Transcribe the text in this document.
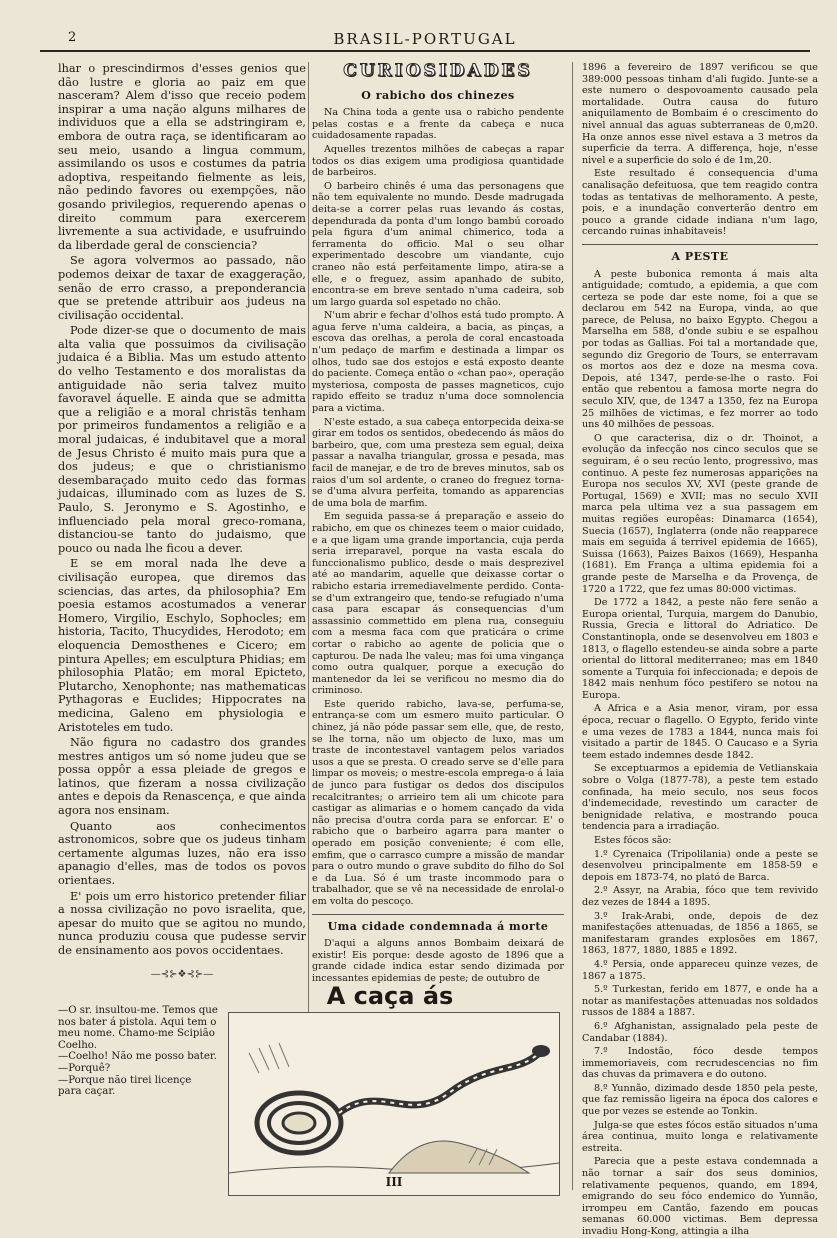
2	BRASIL-PORTUGAL

lhar o prescindirmos d'esses genios que dão lustre e gloria ao paiz em que nasceram? Alem d'isso que receio podem inspirar a uma nação alguns milhares de individuos que a ella se adstringiram e, embora de outra raça, se identificaram ao seu meio, usando a lingua commum, assimilando os usos e costumes da patria adoptiva, respeitando fielmente as leis, não pedindo favores ou exempções, não gosando privilegios, requerendo apenas o direito commum para exercerem livremente a sua actividade, e usufruindo da liberdade geral de consciencia?

Se agora volvermos ao passado, não podemos deixar de taxar de exaggeração, senão de erro crasso, a preponderancia que se pretende attribuir aos judeus na civilisação occidental.

Pode dizer-se que o documento de mais alta valia que possuimos da civilisação judaica é a Biblia. Mas um estudo attento do velho Testamento e dos moralistas da antiguidade não seria talvez muito favoravel áquelle. E ainda que se admitta que a religião e a moral christãs tenham por primeiros fundamentos a religião e a moral judaicas, é indubitavel que a moral de Jesus Christo é muito mais pura que a dos judeus; e que o christianismo desembaraçado muito cedo das formas judaicas, illuminado com as luzes de S. Paulo, S. Jeronymo e S. Agostinho, e influenciado pela moral greco-romana, distanciou-se tanto do judaismo, que pouco ou nada lhe ficou a dever.

E se em moral nada lhe deve a civilisação europea, que diremos das sciencias, das artes, da philosophia? Em poesia estamos acostumados a venerar Homero, Virgilio, Eschylo, Sophocles; em historia, Tacito, Thucydides, Herodoto; em eloquencia Demosthenes e Cicero; em pintura Apelles; em esculptura Phidias; em philosophia Platão; em moral Epicteto, Plutarcho, Xenophonte; nas mathematicas Pythagoras e Euclides; Hippocrates na medicina, Galeno em physiologia e Aristoteles em tudo.

Não figura no cadastro dos grandes mestres antigos um só nome judeu que se possa oppôr a essa pleiade de gregos e latinos, que fizeram a nossa civilização antes e depois da Renascença, e que ainda agora nos ensinam.

Quanto aos conhecimentos astronomicos, sobre que os judeus tinham certamente algumas luzes, não era isso apanagio d'elles, mas de todos os povos orientaes.

E' pois um erro historico pretender filiar a nossa civilização no povo israelita, que, apesar do muito que se agitou no mundo, nunca produziu cousa que pudesse servir de ensinamento aos povos occidentaes.

—⊰⊱❖⊰⊱—
CURIOSIDADES
O rabicho dos chinezes

Na China toda a gente usa o rabicho pendente pelas costas e a frente da cabeça e nuca cuidadosamente rapadas.

Aquelles trezentos milhões de cabeças a rapar todos os dias exigem uma prodigiosa quantidade de barbeiros.

O barbeiro chinês é uma das personagens que não tem equivalente no mundo. Desde madrugada deita-se a correr pelas ruas levando ás costas, dependurada da ponta d'um longo bambú coroado pela figura d'um animal chimerico, toda a ferramenta do officio. Mal o seu olhar experimentado descobre um viandante, cujo craneo não está perfeitamente limpo, atira-se a elle, e o freguez, assim apanhado de subito, encontra-se em breve sentado n'uma cadeira, sob um largo guarda sol espetado no chão.

N'um abrir e fechar d'olhos está tudo prompto. A agua ferve n'uma caldeira, a bacia, as pinças, a escova das orelhas, a perola de coral encastoada n'um pedaço de marfim e destinada a limpar os olhos, tudo sae dos estojos e está exposto deante do paciente. Começa então o «chan pao», operação mysteriosa, composta de passes magneticos, cujo rapido effeito se traduz n'uma doce somnolencia para a victima.

N'este estado, a sua cabeça entorpecida deixa-se girar em todos os sentidos, obedecendo ás mãos do barbeiro, que, com uma presteza sem egual, deixa passar a navalha triangular, grossa e pesada, mas facil de manejar, e de tro de breves minutos, sab os raios d'um sol ardente, o craneo do freguez torna-se d'uma alvura perfeita, tomando as apparencias de uma bola de marfim.

Em seguida passa-se á preparação e asseio do rabicho, em que os chinezes teem o maior cuidado, e a que ligam uma grande importancia, cuja perda seria irreparavel, porque na vasta escala do funccionalismo publico, desde o mais desprezivel até ao mandarim, aquelle que deixasse cortar o rabicho estaria irremediavelmente perdido. Conta-se d'um extrangeiro que, tendo-se refugiado n'uma casa para escapar ás consequencias d'um assassinio commettido em plena rua, conseguiu com a mesma faca com que praticára o crime cortar o rabicho ao agente de policia que o capturou. De nada lhe valeu; mas foi uma vingança como outra qualquer, porque a execução do mantenedor da lei se verificou no mesmo dia do criminoso.

Este querido rabicho, lava-se, perfuma-se, entrança-se com um esmero muito particular. O chinez, já não póde passar sem elle, que, de resto, se lhe torna, não um objecto de luxo, mas um traste de incontestavel vantagem pelos variados usos a que se presta. O creado serve se d'elle para limpar os moveis; o mestre-escola emprega-o á laia de junco para fustigar os dedos dos discipulos recalcitrantes; o arrieiro tem ali um chicote para castigar as alimarias e o homem cançado da vida não precisa d'outra corda para se enforcar. E' o rabicho que o barbeiro agarra para manter o operado em posição conveniente; é com elle, emfim, que o carrasco cumpre a missão de mandar para o outro mundo o grave subdito do filho do Sol e da Lua. Só é um traste incommodo para o trabalhador, que se vê na necessidade de enrolal-o em volta do pescoço.

Uma cidade condemnada á morte

D'aqui a alguns annos Bombaim deixará de existir! Eis porque: desde agosto de 1896 que a grande cidade indica estar sendo dizimada por incessantes epidemias de peste; de outubro de

1896 a fevereiro de 1897 verificou se que 389:000 pessoas tinham d'ali fugido. Junte-se a este numero o despovoamento causado pela mortalidade. Outra causa do futuro aniquilamento de Bombaim é o crescimento do nivel annual das aguas subterraneas de 0,m20. Ha onze annos esse nivel estava a 3 metros da superficie da terra. A differença, hoje, n'esse nivel e a superficie do solo é de 1m,20.

Este resultado é consequencia d'uma canalisação defeituosa, que tem reagido contra todas as tentativas de melhoramento. A peste, pois, e a inundação converterão dentro em pouco a grande cidade indiana n'um lago, cercando ruinas inhabitaveis!

A PESTE

A peste bubonica remonta á mais alta antiguidade; comtudo, a epidemia, a que com certeza se pode dar este nome, foi a que se declarou em 542 na Europa, vinda, ao que parece, de Pelusa, no baixo Egypto. Chegou a Marselha em 588, d'onde subiu e se espalhou por todas as Gallias. Foi tal a mortandade que, segundo diz Gregorio de Tours, se enterravam os mortos aos dez e doze na mesma cova. Depois, até 1347, perde-se-lhe o rasto. Foi então que rebentou a famosa morte negra do seculo XIV, que, de 1347 a 1350, fez na Europa 25 milhões de victimas, e fez morrer ao todo uns 40 milhões de pessoas.

O que caracterisa, diz o dr. Thoinot, a evolução da infecção nos cinco seculos que se seguiram, é o seu recúo lento, progressivo, mas continuo. A peste fez numerosas apparições na Europa nos seculos XV, XVI (peste grande de Portugal, 1569) e XVII; mas no seculo XVII marca pela ultima vez a sua passagem em muitas regiões europêas: Dinamarca (1654), Suecia (1657), Inglaterra (onde não reapparece mais em seguida á terrivel epidemia de 1665), Suissa (1663), Paizes Baixos (1669), Hespanha (1681). Em França a ultima epidemia foi a grande peste de Marselha e da Provença, de 1720 a 1722, que fez umas 80:000 victimas.

De 1772 a 1842, a peste não fere senão a Europa oriental, Turquia, margem do Danubio, Russia, Grecia e littoral do Adriatico. De Constantinopla, onde se desenvolveu em 1803 e 1813, o flagello estendeu-se ainda sobre a parte oriental do littoral mediterraneo; mas em 1840 somente a Turquia foi infeccionada; e depois de 1842 mais nenhum fóco pestifero se notou na Europa.

A Africa e a Asia menor, viram, por essa época, recuar o flagello. O Egypto, ferido vinte e uma vezes de 1783 a 1844, nunca mais foi visitado a partir de 1845. O Caucaso e a Syria teem estado indemnes desde 1842.

Se exceptuarmos a epidemia de Vetlianskaia sobre o Volga (1877-78), a peste tem estado confinada, ha meio seculo, nos seus focos d'indemecidade, revestindo um caracter de benignidade relativa, e mostrando pouca tendencia para a irradiação.

Estes fócos são:

1.º Cyrenaica (Tripolilania) onde a peste se desenvolveu principalmente em 1858-59 e depois em 1873-74, no plató de Barca.

2.º Assyr, na Arabia, fóco que tem revivido dez vezes de 1844 a 1895.

3.º Irak-Arabi, onde, depois de dez manifestações attenuadas, de 1856 a 1865, se manifestaram grandes explosões em 1867, 1863, 1877, 1880, 1885 e 1892.

4.º Persia, onde appareceu quinze vezes, de 1867 a 1875.

5.º Turkestan, ferido em 1877, e onde ha a notar as manifestações attenuadas nos soldados russos de 1884 a 1887.

6.º Afghanistan, assignalado pela peste de Candabar (1884).

7.º Indostão, fóco desde tempos immemoriaveis, com recrudescencias no fim das chuvas da primavera e do outono.

8.º Yunnão, dizimado desde 1850 pela peste, que faz remissão ligeira na época dos calores e que por vezes se estende ao Tonkin.

Julga-se que estes fócos estão situados n'uma área continua, muito longa e relativamente estreita.

Parecia que a peste estava condemnada a não tornar a saír dos seus dominios, relativamente pequenos, quando, em 1894, emigrando do seu fóco endemico do Yunnão, irrompeu em Cantão, fazendo em poucas semanas 60.000 victimas. Bem depressa invadiu Hong-Kong, attingia a ilha

A caça ás

—O sr. insultou-me. Temos que nos bater á pistola. Aqui tem o meu nome. Chamo-me Scipião Coelho.

—Coelho! Não me posso bater.

—Porquê?

—Porque não tirei licençe para caçar.

III
